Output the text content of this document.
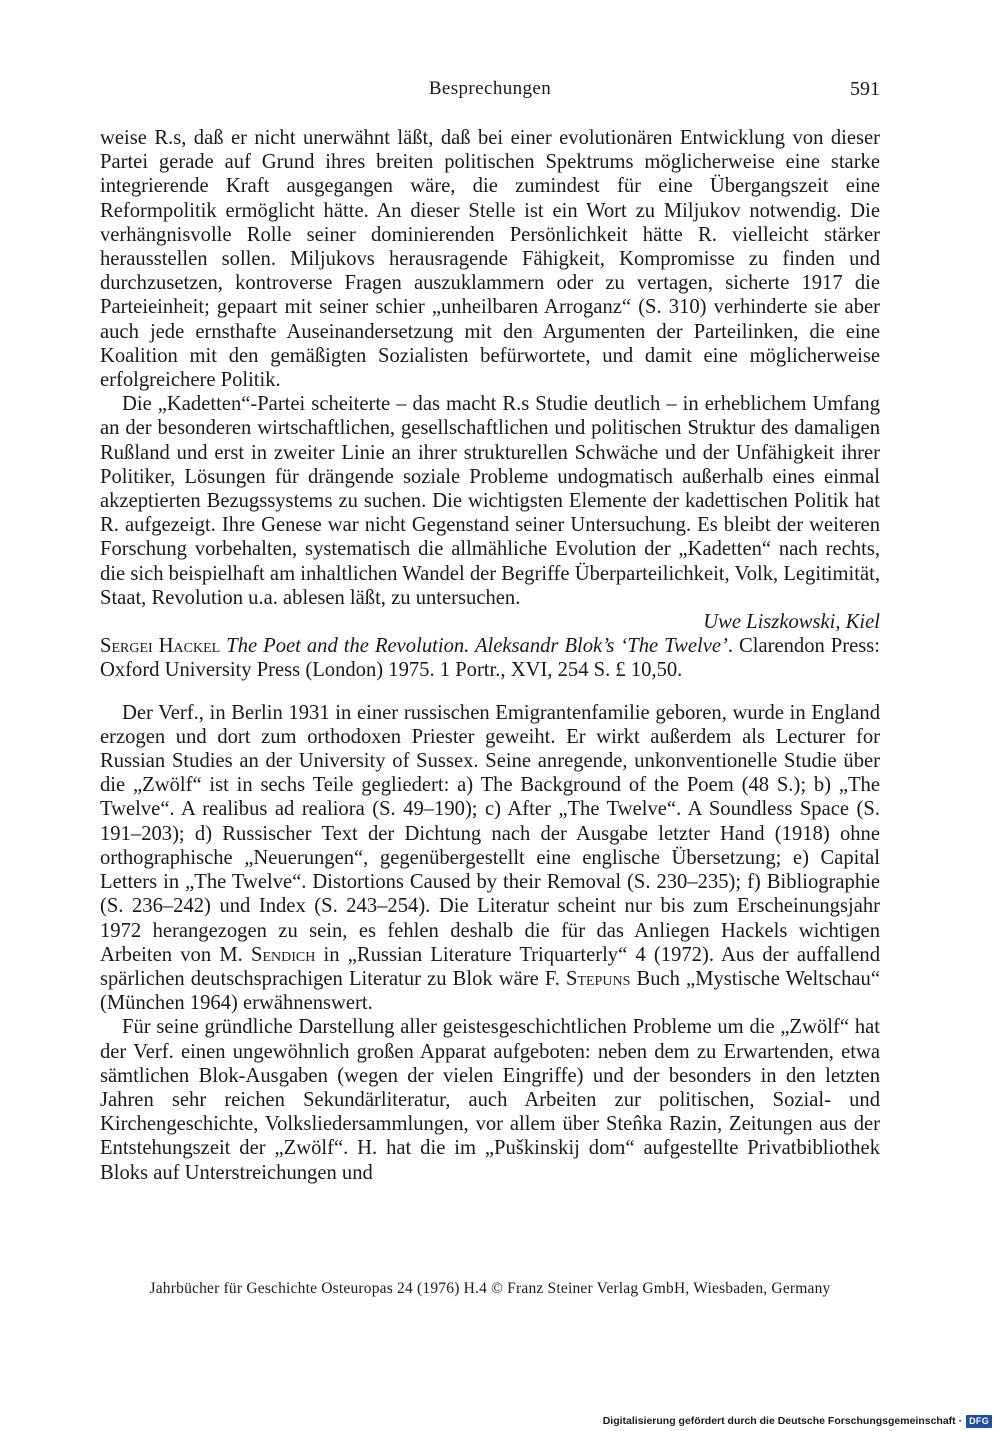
Besprechungen	591

weise R.s, daß er nicht unerwähnt läßt, daß bei einer evolutionären Entwicklung von dieser Partei gerade auf Grund ihres breiten politischen Spektrums möglicherweise eine starke integrierende Kraft ausgegangen wäre, die zumindest für eine Übergangszeit eine Reformpolitik ermöglicht hätte. An dieser Stelle ist ein Wort zu Miljukov notwendig. Die verhängnisvolle Rolle seiner dominierenden Persönlichkeit hätte R. vielleicht stärker herausstellen sollen. Miljukovs herausragende Fähigkeit, Kompromisse zu finden und durchzusetzen, kontroverse Fragen auszuklammern oder zu vertagen, sicherte 1917 die Parteieinheit; gepaart mit seiner schier „unheilbaren Arroganz“ (S. 310) verhinderte sie aber auch jede ernsthafte Auseinandersetzung mit den Argumenten der Parteilinken, die eine Koalition mit den gemäßigten Sozialisten befürwortete, und damit eine möglicherweise erfolgreichere Politik.

Die „Kadetten“-Partei scheiterte – das macht R.s Studie deutlich – in erheblichem Umfang an der besonderen wirtschaftlichen, gesellschaftlichen und politischen Struktur des damaligen Rußland und erst in zweiter Linie an ihrer strukturellen Schwäche und der Unfähigkeit ihrer Politiker, Lösungen für drängende soziale Probleme undogmatisch außerhalb eines einmal akzeptierten Bezugssystems zu suchen. Die wichtigsten Elemente der kadettischen Politik hat R. aufgezeigt. Ihre Genese war nicht Gegenstand seiner Untersuchung. Es bleibt der weiteren Forschung vorbehalten, systematisch die allmähliche Evolution der „Kadetten“ nach rechts, die sich beispielhaft am inhaltlichen Wandel der Begriffe Überparteilichkeit, Volk, Legitimität, Staat, Revolution u.a. ablesen läßt, zu untersuchen.

Uwe Liszkowski, Kiel

Sergei Hackel The Poet and the Revolution. Aleksandr Blok’s ‘The Twelve’. Clarendon Press: Oxford University Press (London) 1975. 1 Portr., XVI, 254 S. £ 10,50.

Der Verf., in Berlin 1931 in einer russischen Emigrantenfamilie geboren, wurde in England erzogen und dort zum orthodoxen Priester geweiht. Er wirkt außerdem als Lecturer for Russian Studies an der University of Sussex. Seine anregende, unkonventionelle Studie über die „Zwölf“ ist in sechs Teile gegliedert: a) The Background of the Poem (48 S.); b) „The Twelve“. A realibus ad realiora (S. 49–190); c) After „The Twelve“. A Soundless Space (S. 191–203); d) Russischer Text der Dichtung nach der Ausgabe letzter Hand (1918) ohne orthographische „Neuerungen“, gegenübergestellt eine englische Übersetzung; e) Capital Letters in „The Twelve“. Distortions Caused by their Removal (S. 230–235); f) Bibliographie (S. 236–242) und Index (S. 243–254). Die Literatur scheint nur bis zum Erscheinungsjahr 1972 herangezogen zu sein, es fehlen deshalb die für das Anliegen Hackels wichtigen Arbeiten von M. Sendich in „Russian Literature Triquarterly“ 4 (1972). Aus der auffallend spärlichen deutschsprachigen Literatur zu Blok wäre F. Stepuns Buch „Mystische Weltschau“ (München 1964) erwähnenswert.

Für seine gründliche Darstellung aller geistesgeschichtlichen Probleme um die „Zwölf“ hat der Verf. einen ungewöhnlich großen Apparat aufgeboten: neben dem zu Erwartenden, etwa sämtlichen Blok-Ausgaben (wegen der vielen Eingriffe) und der besonders in den letzten Jahren sehr reichen Sekundärliteratur, auch Arbeiten zur politischen, Sozial- und Kirchengeschichte, Volksliedersammlungen, vor allem über Sten̂ka Razin, Zeitungen aus der Entstehungszeit der „Zwölf“. H. hat die im „Puškinskij dom“ aufgestellte Privatbibliothek Bloks auf Unterstreichungen und

Jahrbücher für Geschichte Osteuropas 24 (1976) H.4 © Franz Steiner Verlag GmbH, Wiesbaden, Germany
Digitalisierung gefördert durch die Deutsche Forschungsgemeinschaft · DFG
